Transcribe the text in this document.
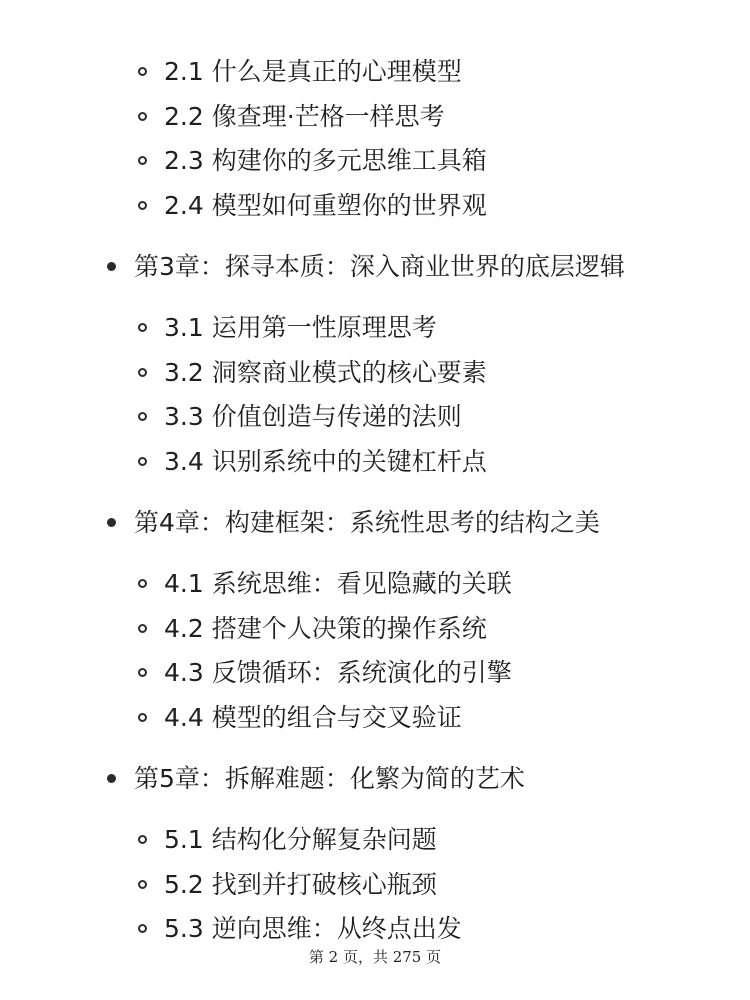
2.1 什么是真正的心理模型
2.2 像查理·芒格一样思考
2.3 构建你的多元思维工具箱
2.4 模型如何重塑你的世界观
第3章：探寻本质：深入商业世界的底层逻辑
3.1 运用第一性原理思考
3.2 洞察商业模式的核心要素
3.3 价值创造与传递的法则
3.4 识别系统中的关键杠杆点
第4章：构建框架：系统性思考的结构之美
4.1 系统思维：看见隐藏的关联
4.2 搭建个人决策的操作系统
4.3 反馈循环：系统演化的引擎
4.4 模型的组合与交叉验证
第5章：拆解难题：化繁为简的艺术
5.1 结构化分解复杂问题
5.2 找到并打破核心瓶颈
5.3 逆向思维：从终点出发
第 2 页，共 275 页
